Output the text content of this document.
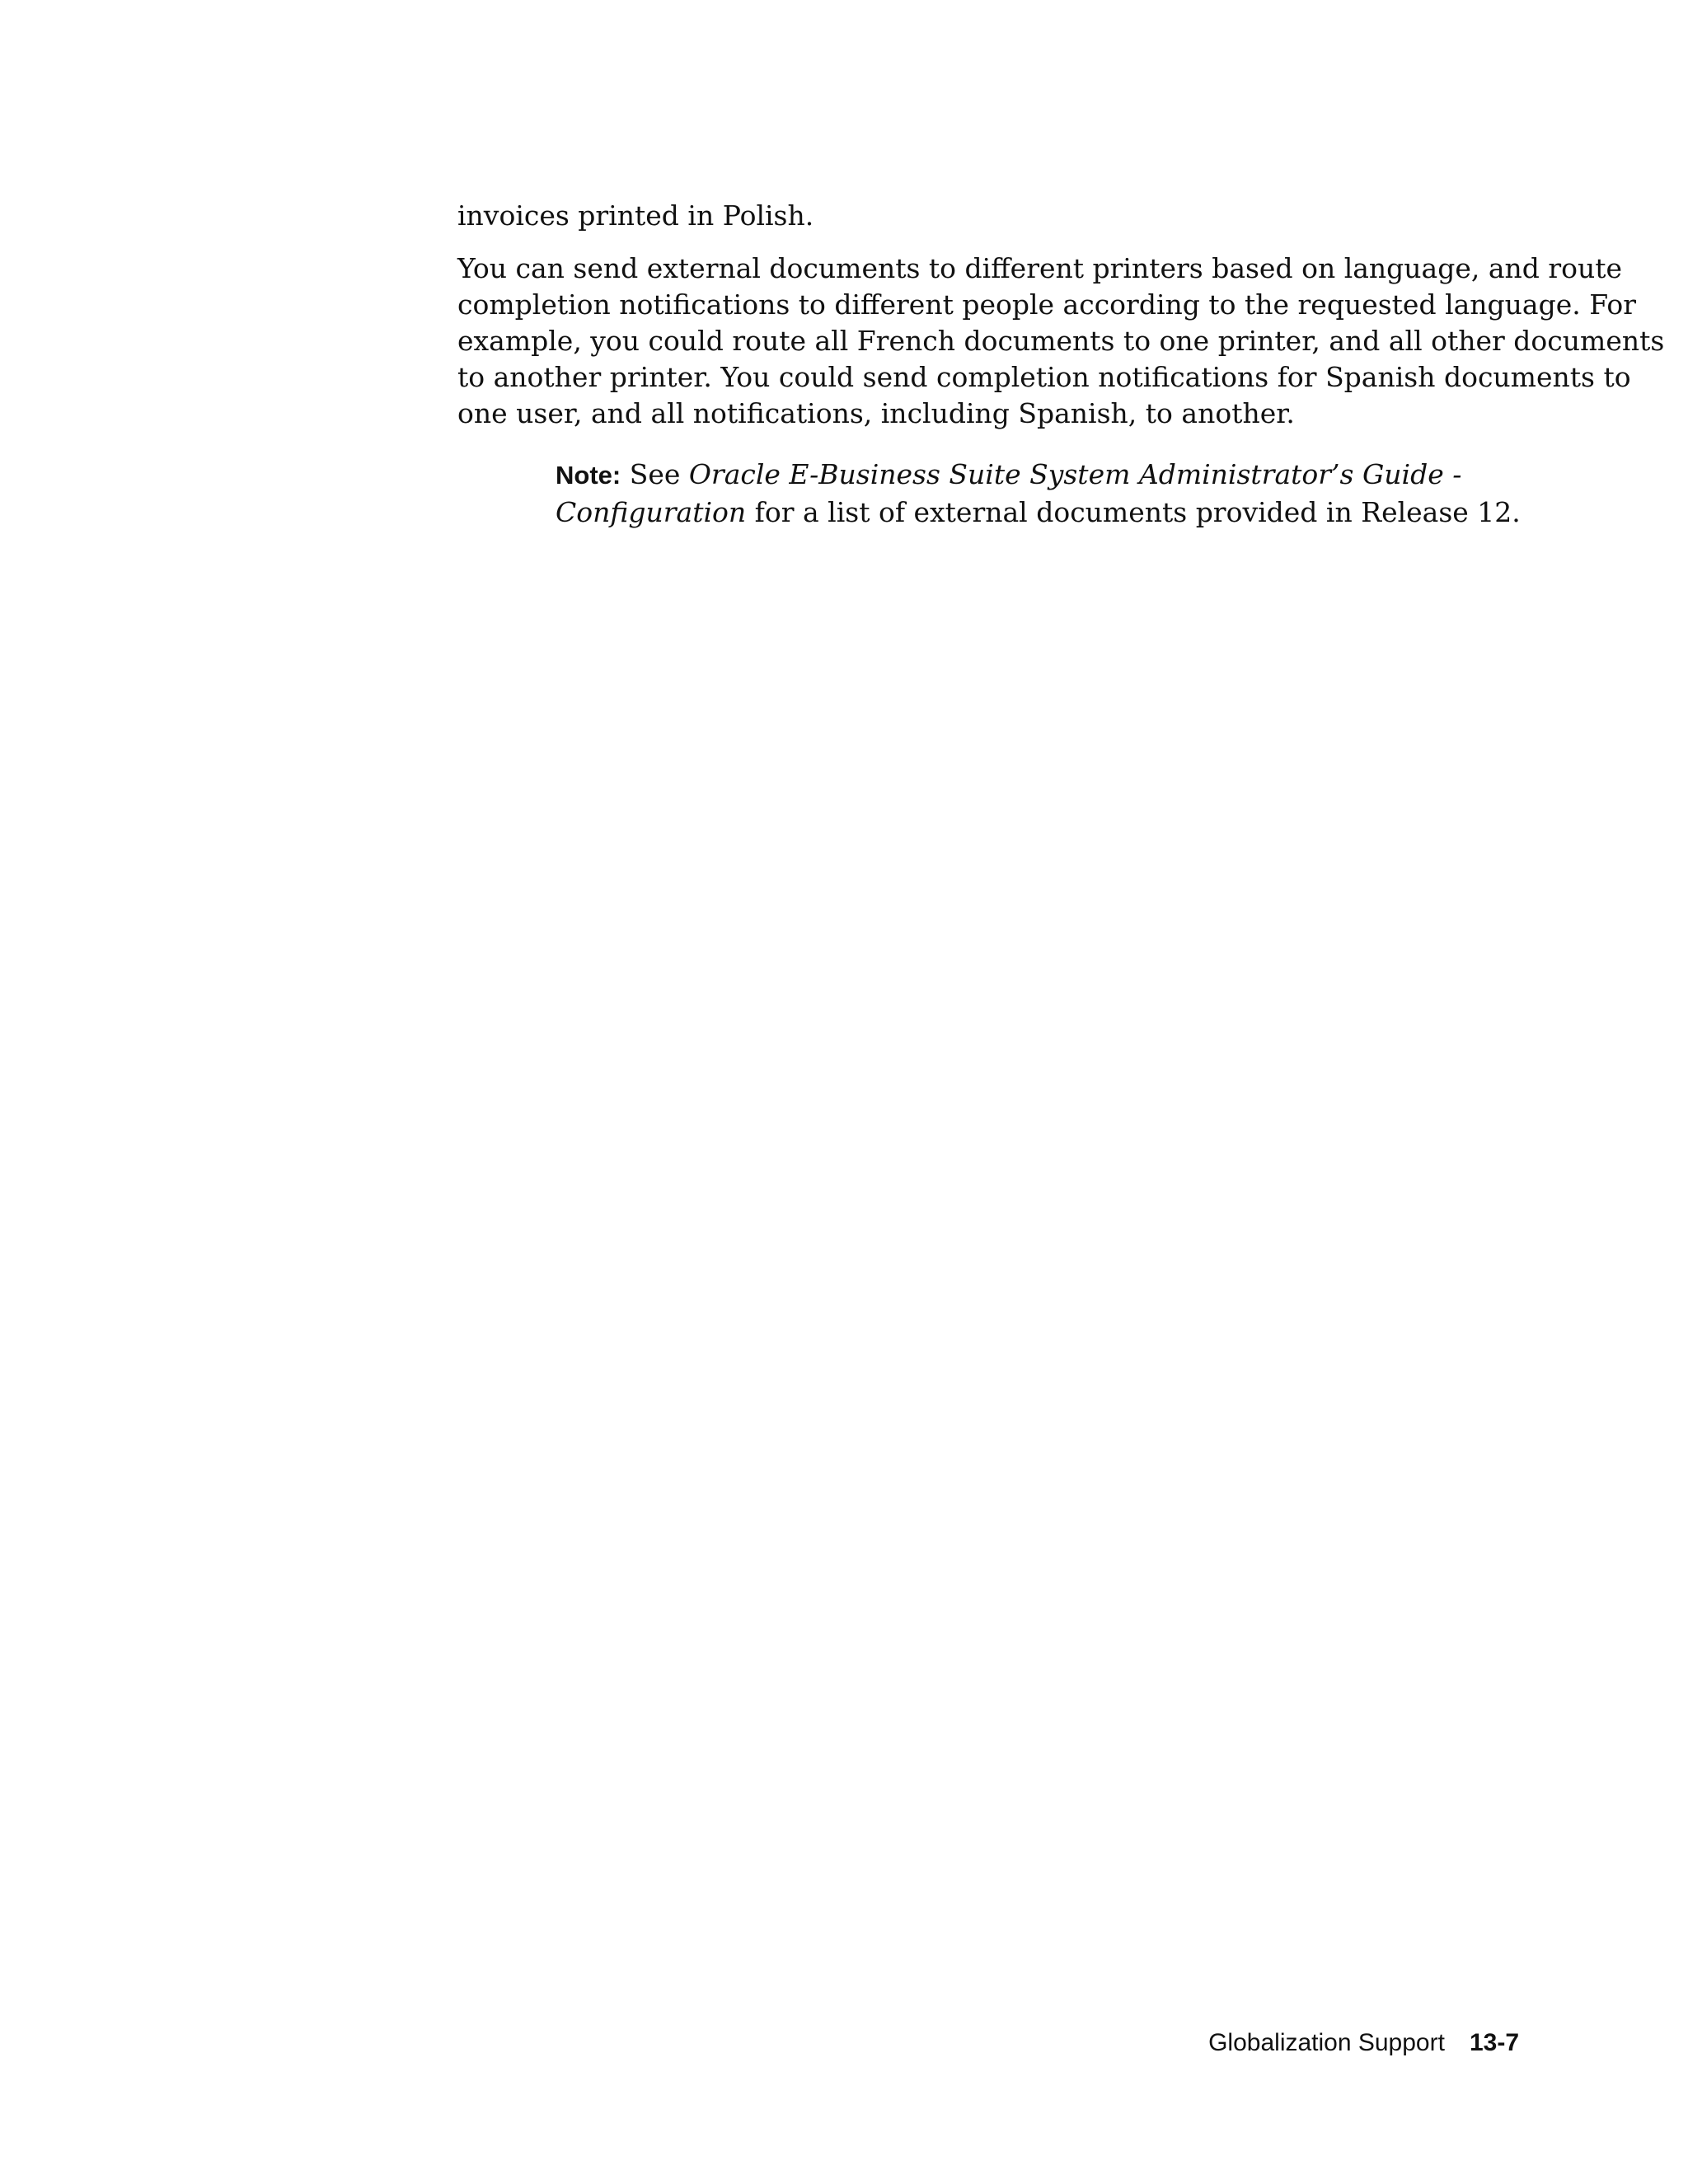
invoices printed in Polish.
You can send external documents to different printers based on language, and route
completion notifications to different people according to the requested language. For
example, you could route all French documents to one printer, and all other documents
to another printer. You could send completion notifications for Spanish documents to
one user, and all notifications, including Spanish, to another.
Note: See Oracle E-Business Suite System Administrator’s Guide -
Configuration for a list of external documents provided in Release 12.
Globalization Support 13-7
